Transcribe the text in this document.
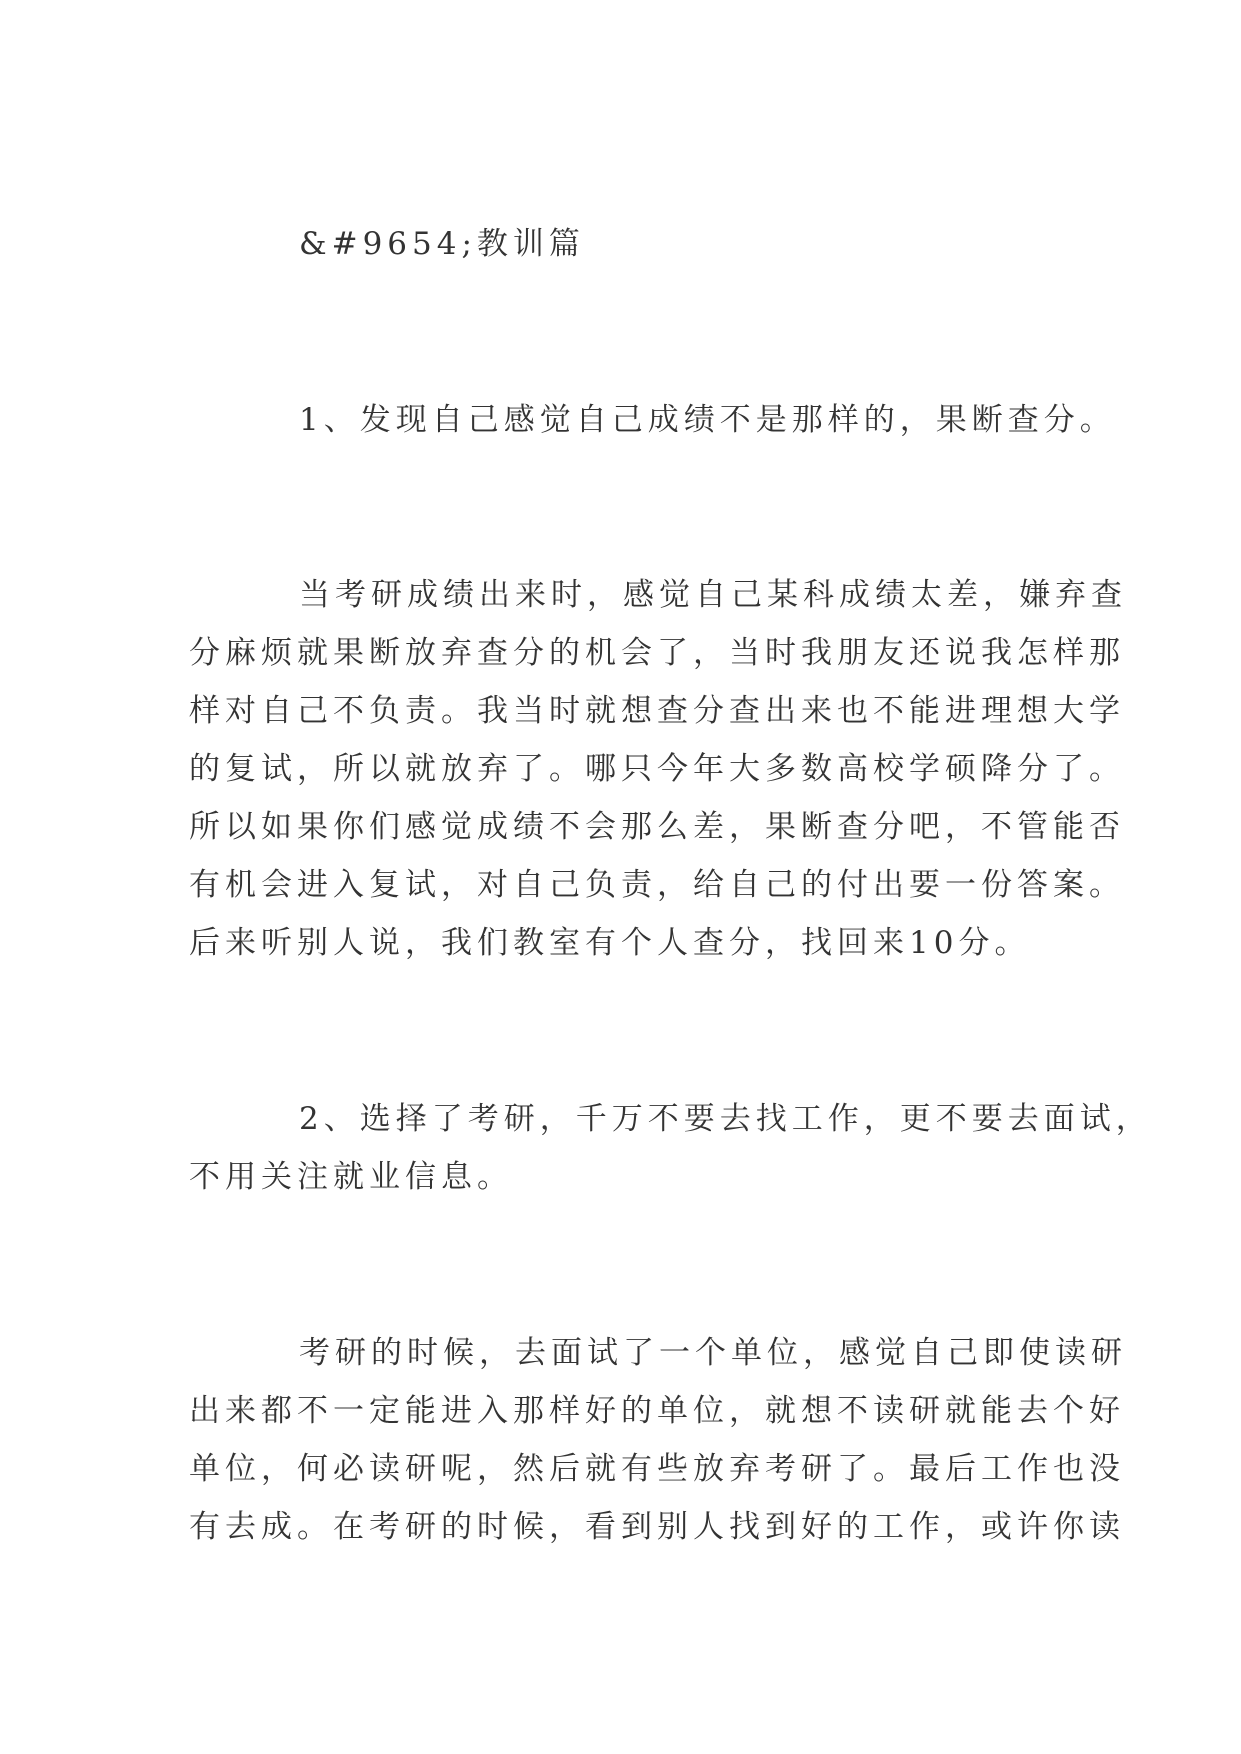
&#9654;教训篇
1、发现自己感觉自己成绩不是那样的，果断查分。
当考研成绩出来时，感觉自己某科成绩太差，嫌弃查
分麻烦就果断放弃查分的机会了，当时我朋友还说我怎样那
样对自己不负责。我当时就想查分查出来也不能进理想大学
的复试，所以就放弃了。哪只今年大多数高校学硕降分了。
所以如果你们感觉成绩不会那么差，果断查分吧，不管能否
有机会进入复试，对自己负责，给自己的付出要一份答案。
后来听别人说，我们教室有个人查分，找回来10分。
2、选择了考研，千万不要去找工作，更不要去面试，
不用关注就业信息。
考研的时候，去面试了一个单位，感觉自己即使读研
出来都不一定能进入那样好的单位，就想不读研就能去个好
单位，何必读研呢，然后就有些放弃考研了。最后工作也没
有去成。在考研的时候，看到别人找到好的工作，或许你读
